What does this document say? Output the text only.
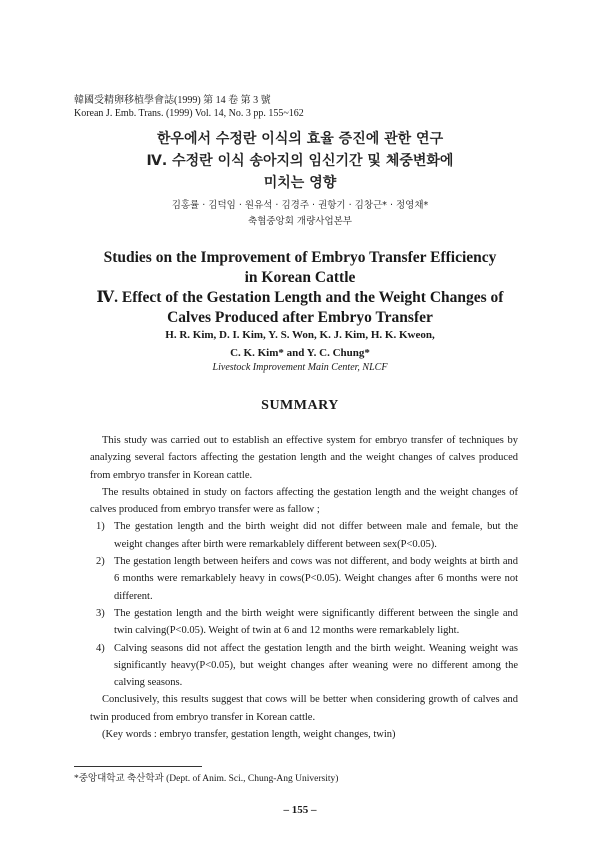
韓國受精卵移植學會誌(1999) 第 14 卷 第 3 號
Korean J. Emb. Trans. (1999) Vol. 14, No. 3 pp. 155~162
한우에서 수정란 이식의 효율 증진에 관한 연구
Ⅳ. 수정란 이식 송아지의 임신기간 및 체중변화에
미치는 영향
김홍률 · 김덕임 · 원유석 · 김경주 · 권항기 · 김창근* · 정영채*
축협중앙회 개량사업본부
Studies on the Improvement of Embryo Transfer Efficiency
in Korean Cattle
Ⅳ. Effect of the Gestation Length and the Weight Changes of
Calves Produced after Embryo Transfer
H. R. Kim, D. I. Kim, Y. S. Won, K. J. Kim, H. K. Kweon,
C. K. Kim* and Y. C. Chung*
Livestock Improvement Main Center, NLCF
SUMMARY

This study was carried out to establish an effective system for embryo transfer of techniques by analyzing several factors affecting the gestation length and the weight changes of calves produced from embryo transfer in Korean cattle.

The results obtained in study on factors affecting the gestation length and the weight changes of calves produced from embryo transfer were as fallow ;

1) The gestation length and the birth weight did not differ between male and female, but the weight changes after birth were remarkablely different between sex(P<0.05).
2) The gestation length between heifers and cows was not different, and body weights at birth and 6 months were remarkablely heavy in cows(P<0.05). Weight changes after 6 months were not different.
3) The gestation length and the birth weight were significantly different between the single and twin calving(P<0.05). Weight of twin at 6 and 12 months were remarkablely light.
4) Calving seasons did not affect the gestation length and the birth weight. Weaning weight was significantly heavy(P<0.05), but weight changes after weaning were no different among the calving seasons.

Conclusively, this results suggest that cows will be better when considering growth of calves and twin produced from embryo transfer in Korean cattle.

(Key words : embryo transfer, gestation length, weight changes, twin)

*중앙대학교 축산학과 (Dept. of Anim. Sci., Chung-Ang University)
– 155 –
